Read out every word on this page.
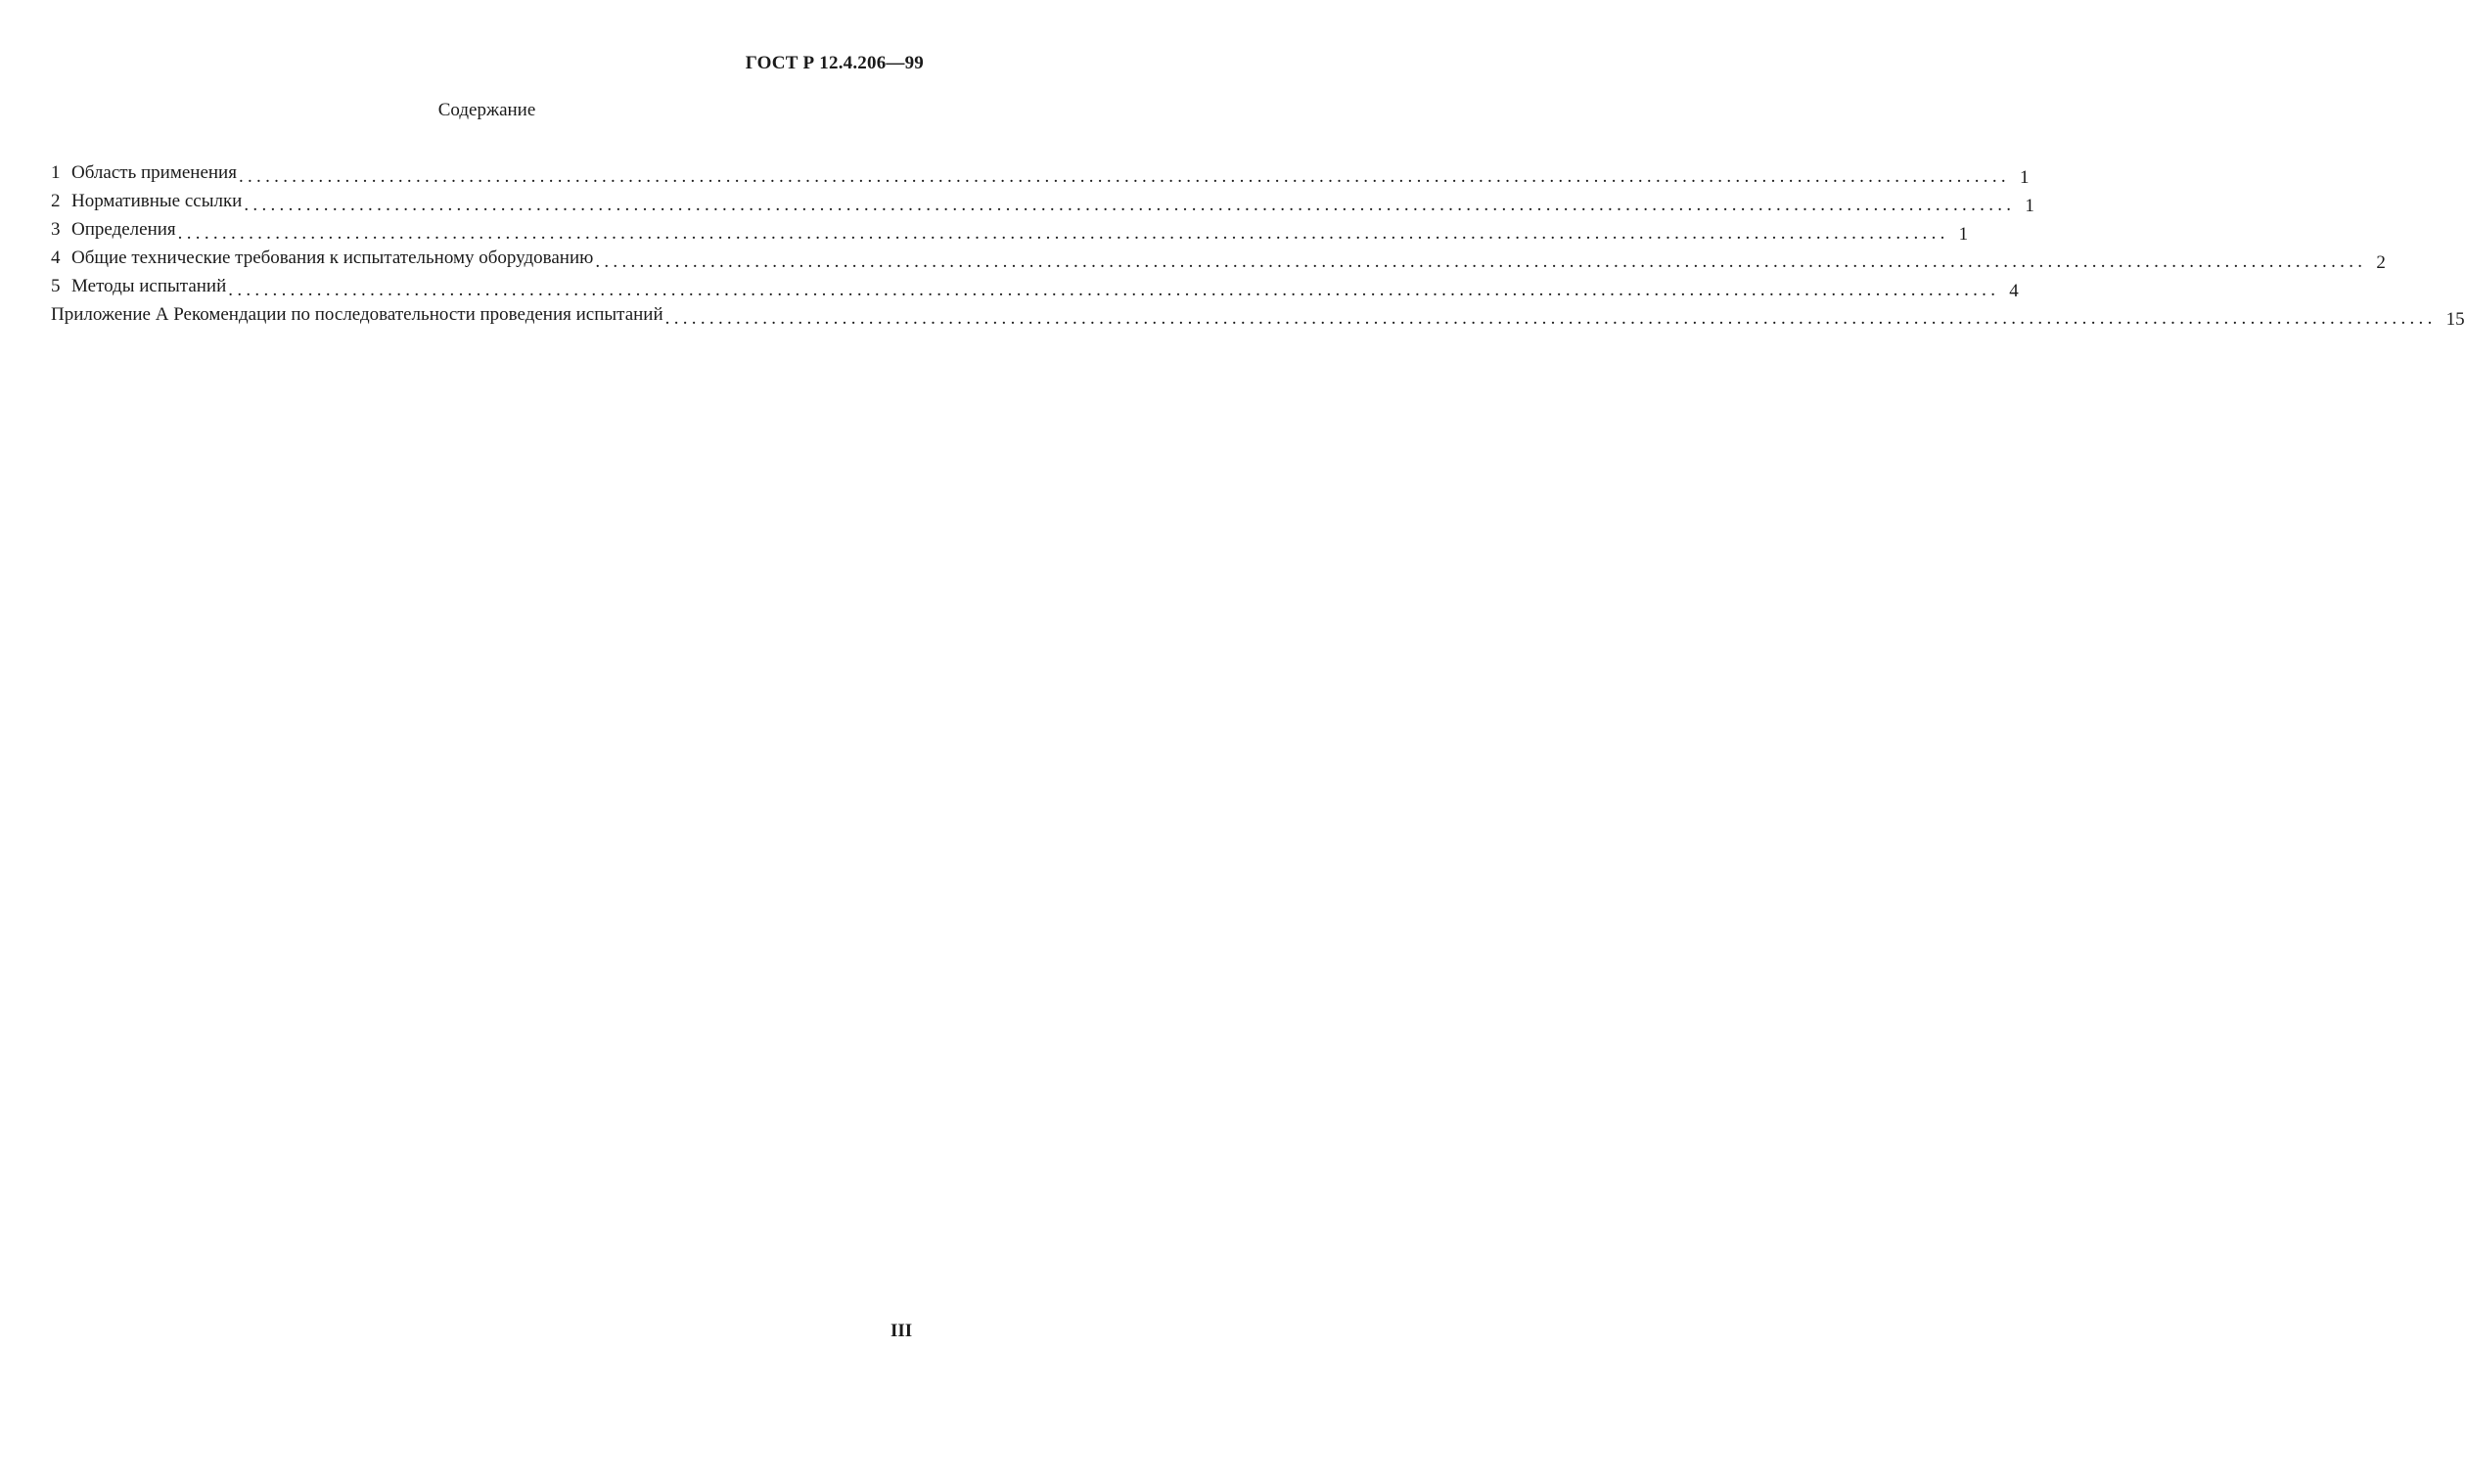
ГОСТ Р 12.4.206—99
Содержание
1 Область применения ........................................................................................................................................................................................................ 1
2 Нормативные ссылки ........................................................................................................................................................................................................ 1
3 Определения ........................................................................................................................................................................................................ 1
4 Общие технические требования к испытательному оборудованию ........................................................................................................................................................................................................ 2
5 Методы испытаний ........................................................................................................................................................................................................ 4
Приложение А Рекомендации по последовательности проведения испытаний ........................................................................................................................................................................................................ 15
III
